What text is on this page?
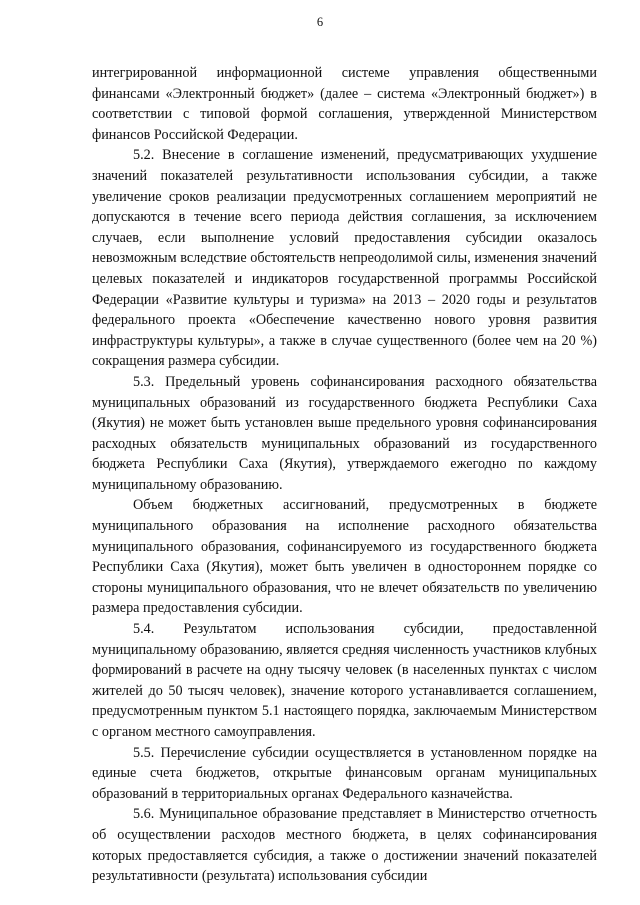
6

интегрированной информационной системе управления общественными финансами «Электронный бюджет» (далее – система «Электронный бюджет») в соответствии с типовой формой соглашения, утвержденной Министерством финансов Российской Федерации.

5.2. Внесение в соглашение изменений, предусматривающих ухудшение значений показателей результативности использования субсидии, а также увеличение сроков реализации предусмотренных соглашением мероприятий не допускаются в течение всего периода действия соглашения, за исключением случаев, если выполнение условий предоставления субсидии оказалось невозможным вследствие обстоятельств непреодолимой силы, изменения значений целевых показателей и индикаторов государственной программы Российской Федерации «Развитие культуры и туризма» на 2013 – 2020 годы и результатов федерального проекта «Обеспечение качественно нового уровня развития инфраструктуры культуры», а также в случае существенного (более чем на 20 %) сокращения размера субсидии.

5.3. Предельный уровень софинансирования расходного обязательства муниципальных образований из государственного бюджета Республики Саха (Якутия) не может быть установлен выше предельного уровня софинансирования расходных обязательств муниципальных образований из государственного бюджета Республики Саха (Якутия), утверждаемого ежегодно по каждому муниципальному образованию.

Объем бюджетных ассигнований, предусмотренных в бюджете муниципального образования на исполнение расходного обязательства муниципального образования, софинансируемого из государственного бюджета Республики Саха (Якутия), может быть увеличен в одностороннем порядке со стороны муниципального образования, что не влечет обязательств по увеличению размера предоставления субсидии.

5.4. Результатом использования субсидии, предоставленной муниципальному образованию, является средняя численность участников клубных формирований в расчете на одну тысячу человек (в населенных пунктах с числом жителей до 50 тысяч человек), значение которого устанавливается соглашением, предусмотренным пунктом 5.1 настоящего порядка, заключаемым Министерством с органом местного самоуправления.

5.5. Перечисление субсидии осуществляется в установленном порядке на единые счета бюджетов, открытые финансовым органам муниципальных образований в территориальных органах Федерального казначейства.

5.6. Муниципальное образование представляет в Министерство отчетность об осуществлении расходов местного бюджета, в целях софинансирования которых предоставляется субсидия, а также о достижении значений показателей результативности (результата) использования субсидии
